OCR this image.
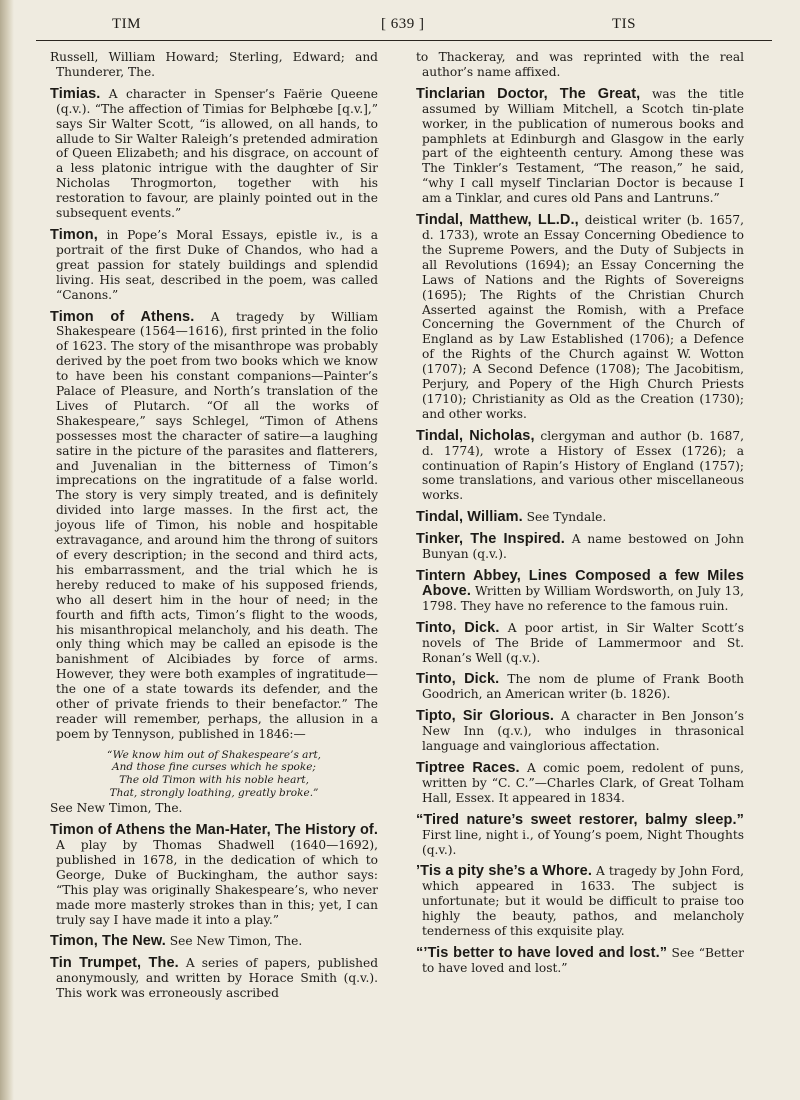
TIM	[ 639 ]	TIS

Russell, William Howard; Sterling, Edward; and Thunderer, The.

Timias. A character in Spenser’s Faërie Queene (q.v.). “The affection of Timias for Belphœbe [q.v.],” says Sir Walter Scott, “is allowed, on all hands, to allude to Sir Walter Raleigh’s pretended admiration of Queen Elizabeth; and his disgrace, on account of a less platonic intrigue with the daughter of Sir Nicholas Throgmorton, together with his restoration to favour, are plainly pointed out in the subsequent events.”

Timon, in Pope’s Moral Essays, epistle iv., is a portrait of the first Duke of Chandos, who had a great passion for stately buildings and splendid living. His seat, described in the poem, was called “Canons.”

Timon of Athens. A tragedy by William Shakespeare (1564—1616), first printed in the folio of 1623. The story of the misanthrope was probably derived by the poet from two books which we know to have been his constant companions—Painter’s Palace of Pleasure, and North’s translation of the Lives of Plutarch. “Of all the works of Shakespeare,” says Schlegel, “Timon of Athens possesses most the character of satire—a laughing satire in the picture of the parasites and flatterers, and Juvenalian in the bitterness of Timon’s imprecations on the ingratitude of a false world. The story is very simply treated, and is definitely divided into large masses. In the first act, the joyous life of Timon, his noble and hospitable extravagance, and around him the throng of suitors of every description; in the second and third acts, his embarrassment, and the trial which he is hereby reduced to make of his supposed friends, who all desert him in the hour of need; in the fourth and fifth acts, Timon’s flight to the woods, his misanthropical melancholy, and his death. The only thing which may be called an episode is the banishment of Alcibiades by force of arms. However, they were both examples of ingratitude—the one of a state towards its defender, and the other of private friends to their benefactor.” The reader will remember, perhaps, the allusion in a poem by Tennyson, published in 1846:—

“We know him out of Shakespeare’s art,
And those fine curses which he spoke;
The old Timon with his noble heart,
That, strongly loathing, greatly broke.”

See New Timon, The.

Timon of Athens the Man-Hater, The History of. A play by Thomas Shadwell (1640—1692), published in 1678, in the dedication of which to George, Duke of Buckingham, the author says: “This play was originally Shakespeare’s, who never made more masterly strokes than in this; yet, I can truly say I have made it into a play.”

Timon, The New. See New Timon, The.

Tin Trumpet, The. A series of papers, published anonymously, and written by Horace Smith (q.v.). This work was erroneously ascribed

to Thackeray, and was reprinted with the real author’s name affixed.

Tinclarian Doctor, The Great, was the title assumed by William Mitchell, a Scotch tin-plate worker, in the publication of numerous books and pamphlets at Edinburgh and Glasgow in the early part of the eighteenth century. Among these was The Tinkler’s Testament, “The reason,” he said, “why I call myself Tinclarian Doctor is because I am a Tinklar, and cures old Pans and Lantruns.”

Tindal, Matthew, LL.D., deistical writer (b. 1657, d. 1733), wrote an Essay Concerning Obedience to the Supreme Powers, and the Duty of Subjects in all Revolutions (1694); an Essay Concerning the Laws of Nations and the Rights of Sovereigns (1695); The Rights of the Christian Church Asserted against the Romish, with a Preface Concerning the Government of the Church of England as by Law Established (1706); a Defence of the Rights of the Church against W. Wotton (1707); A Second Defence (1708); The Jacobitism, Perjury, and Popery of the High Church Priests (1710); Christianity as Old as the Creation (1730); and other works.

Tindal, Nicholas, clergyman and author (b. 1687, d. 1774), wrote a History of Essex (1726); a continuation of Rapin’s History of England (1757); some translations, and various other miscellaneous works.

Tindal, William. See Tyndale.

Tinker, The Inspired. A name bestowed on John Bunyan (q.v.).

Tintern Abbey, Lines Composed a few Miles Above. Written by William Wordsworth, on July 13, 1798. They have no reference to the famous ruin.

Tinto, Dick. A poor artist, in Sir Walter Scott’s novels of The Bride of Lammermoor and St. Ronan’s Well (q.v.).

Tinto, Dick. The nom de plume of Frank Booth Goodrich, an American writer (b. 1826).

Tipto, Sir Glorious. A character in Ben Jonson’s New Inn (q.v.), who indulges in thrasonical language and vainglorious affectation.

Tiptree Races. A comic poem, redolent of puns, written by “C. C.”—Charles Clark, of Great Tolham Hall, Essex. It appeared in 1834.

“Tired nature’s sweet restorer, balmy sleep.” First line, night i., of Young’s poem, Night Thoughts (q.v.).

’Tis a pity she’s a Whore. A tragedy by John Ford, which appeared in 1633. The subject is unfortunate; but it would be difficult to praise too highly the beauty, pathos, and melancholy tenderness of this exquisite play.

“’Tis better to have loved and lost.” See “Better to have loved and lost.”
